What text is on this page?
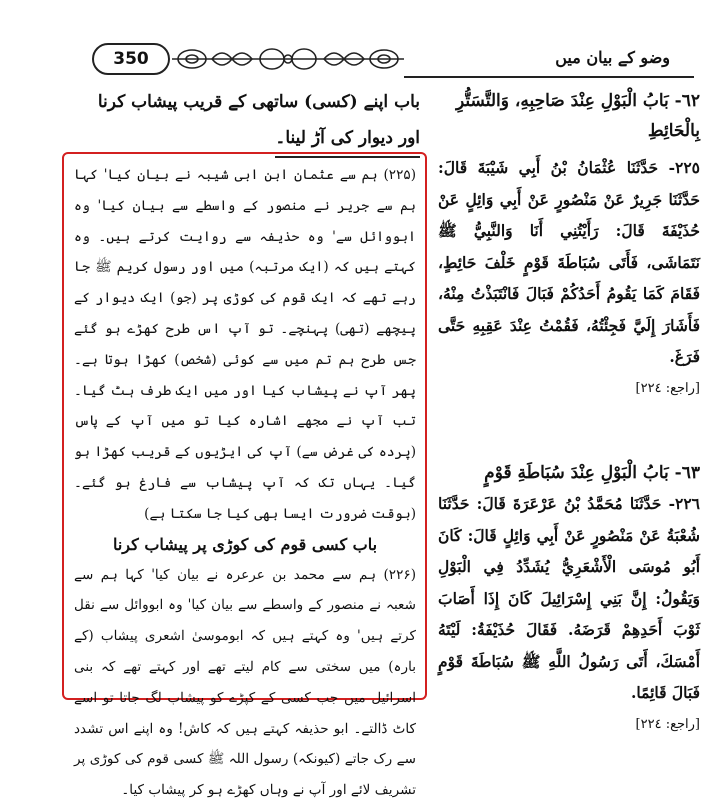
350	وضو کے بیان میں

٦٢- بَابُ الْبَوْلِ عِنْدَ صَاحِبِهِ، وَالتَّسَتُّرِ بِالْحَائِطِ

٢٢٥- حَدَّثَنَا عُثْمَانُ بْنُ أَبِي شَيْبَةَ قَالَ: حَدَّثَنَا جَرِيرٌ عَنْ مَنْصُورٍ عَنْ أَبِي وَائِلٍ عَنْ حُذَيْفَةَ قَالَ: رَأَيْتُنِي أَنَا وَالنَّبِيُّ ﷺ نَتَمَاشَى، فَأَتَى سُبَاطَةَ قَوْمٍ خَلْفَ حَائِطٍ، فَقَامَ كَمَا يَقُومُ أَحَدُكُمْ فَبَالَ فَانْتَبَذْتُ مِنْهُ، فَأَشَارَ إِلَيَّ فَجِئْتُهُ، فَقُمْتُ عِنْدَ عَقِبِهِ حَتَّى فَرَغَ.

[راجع: ٢٢٤]

٦٣- بَابُ الْبَوْلِ عِنْدَ سُبَاطَةِ قَوْمٍ

٢٢٦- حَدَّثَنَا مُحَمَّدُ بْنُ عَرْعَرَةَ قَالَ: حَدَّثَنَا شُعْبَةُ عَنْ مَنْصُورٍ عَنْ أَبِي وَائِلٍ قَالَ: كَانَ أَبُو مُوسَى الْأَشْعَرِيُّ يُشَدِّدُ فِي الْبَوْلِ وَيَقُولُ: إِنَّ بَنِي إِسْرَائِيلَ كَانَ إِذَا أَصَابَ ثَوْبَ أَحَدِهِمْ قَرَضَهُ. فَقَالَ حُذَيْفَةُ: لَيْتَهُ أَمْسَكَ، أَتَى رَسُولُ اللَّهِ ﷺ سُبَاطَةَ قَوْمٍ فَبَالَ قَائِمًا.

[راجع: ٢٢٤]

باب اپنے (کسی) ساتھی کے قریب پیشاب کرنا
اور دیوار کی آڑ لینا۔

(۲۲۵) ہم سے عثمان ابن ابی شیبہ نے بیان کیا' کہا ہم سے جریر نے منصور کے واسطے سے بیان کیا' وہ ابووائل سے' وہ حذیفہ سے روایت کرتے ہیں۔ وہ کہتے ہیں کہ (ایک مرتبہ) میں اور رسول کریم ﷺ جا رہے تھے کہ ایک قوم کی کوڑی پر (جو) ایک دیوار کے پیچھے (تھی) پہنچے۔ تو آپ اس طرح کھڑے ہو گئے جس طرح ہم تم میں سے کوئی (شخص) کھڑا ہوتا ہے۔ پھر آپ نے پیشاب کیا اور میں ایک طرف ہٹ گیا۔ تب آپ نے مجھے اشارہ کیا تو میں آپ کے پاس (پردہ کی غرض سے) آپ کی ایڑیوں کے قریب کھڑا ہو گیا۔ یہاں تک کہ آپ پیشاب سے فارغ ہو گئے۔ (بوقت ضرورت ایسا بھی کیا جا سکتا ہے)

باب کسی قوم کی کوڑی پر پیشاب کرنا

(۲۲۶) ہم سے محمد بن عرعرہ نے بیان کیا' کہا ہم سے شعبہ نے منصور کے واسطے سے بیان کیا' وہ ابووائل سے نقل کرتے ہیں' وہ کہتے ہیں کہ ابوموسیٰ اشعری پیشاب (کے بارہ) میں سختی سے کام لیتے تھے اور کہتے تھے کہ بنی اسرائیل میں جب کسی کے کپڑے کو پیشاب لگ جاتا تو اسے کاٹ ڈالتے۔ ابو حذیفہ کہتے ہیں کہ کاش! وہ اپنے اس تشدد سے رک جاتے (کیونکہ) رسول اللہ ﷺ کسی قوم کی کوڑی پر تشریف لائے اور آپ نے وہاں کھڑے ہو کر پیشاب کیا۔
